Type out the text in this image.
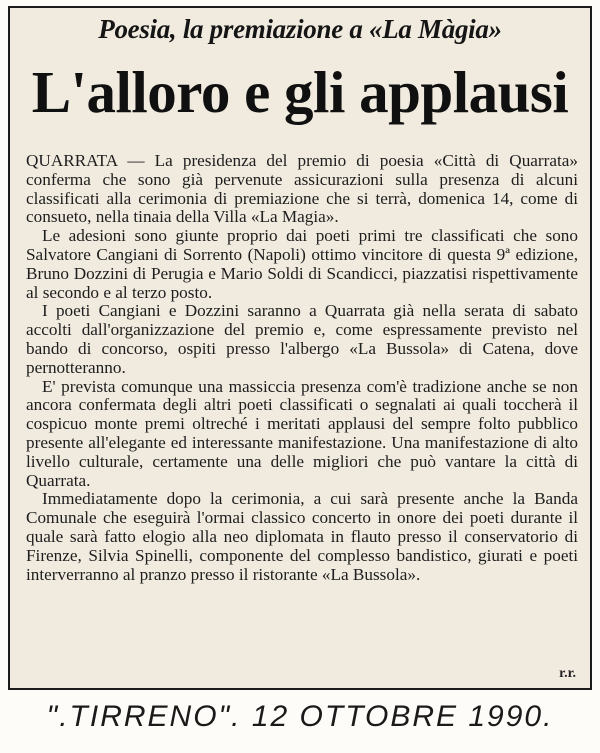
Poesia, la premiazione a «La Màgia»
L'alloro e gli applausi

QUARRATA — La presidenza del premio di poesia «Città di Quarrata» conferma che sono già pervenute assicurazioni sulla presenza di alcuni classificati alla cerimonia di premiazione che si terrà, domenica 14, come di consueto, nella tinaia della Villa «La Magia».

Le adesioni sono giunte proprio dai poeti primi tre classificati che sono Salvatore Cangiani di Sorrento (Napoli) ottimo vincitore di questa 9ª edizione, Bruno Dozzini di Perugia e Mario Soldi di Scandicci, piazzatisi rispettivamente al secondo e al terzo posto.

I poeti Cangiani e Dozzini saranno a Quarrata già nella serata di sabato accolti dall'organizzazione del premio e, come espressamente previsto nel bando di concorso, ospiti presso l'albergo «La Bussola» di Catena, dove pernotteranno.

E' prevista comunque una massiccia presenza com'è tradizione anche se non ancora confermata degli altri poeti classificati o segnalati ai quali toccherà il cospicuo monte premi oltreché i meritati applausi del sempre folto pubblico presente all'elegante ed interessante manifestazione. Una manifestazione di alto livello culturale, certamente una delle migliori che può vantare la città di Quarrata.

Immediatamente dopo la cerimonia, a cui sarà presente anche la Banda Comunale che eseguirà l'ormai classico concerto in onore dei poeti durante il quale sarà fatto elogio alla neo diplomata in flauto presso il conservatorio di Firenze, Silvia Spinelli, componente del complesso bandistico, giurati e poeti interverranno al pranzo presso il ristorante «La Bussola».

r.r.
".TIRRENO". 12 OTTOBRE 1990.
